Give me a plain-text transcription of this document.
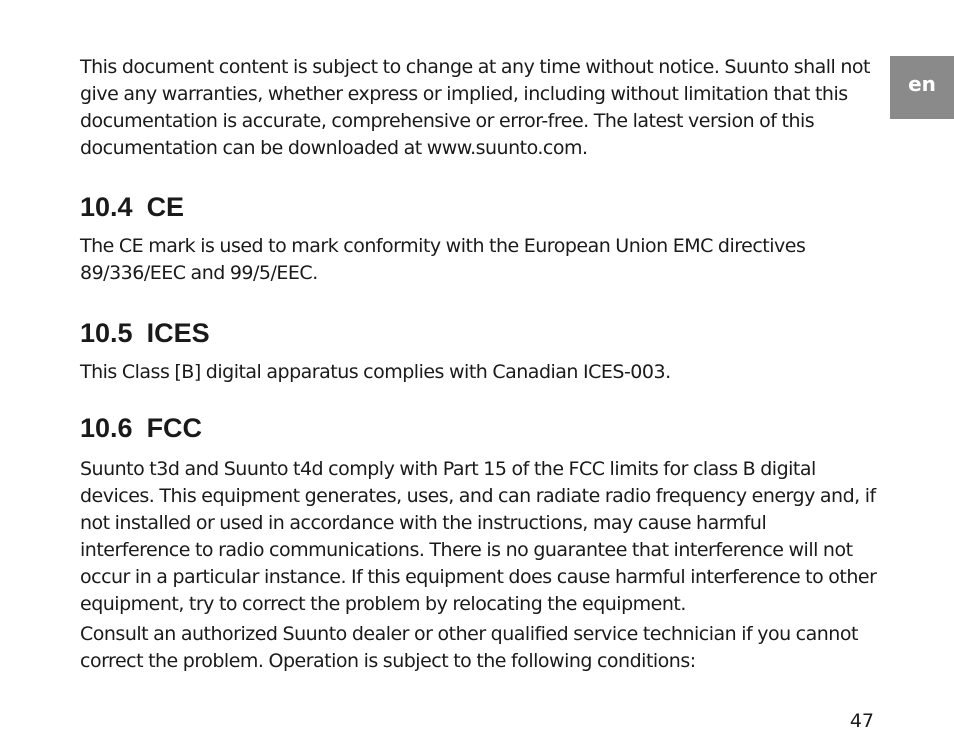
en

This document content is subject to change at any time without notice. Suunto shall not give any warranties, whether express or implied, including without limitation that this documentation is accurate, comprehensive or error-free. The latest version of this documentation can be downloaded at www.suunto.com.

10.4 CE

The CE mark is used to mark conformity with the European Union EMC directives 89/336/EEC and 99/5/EEC.

10.5 ICES

This Class [B] digital apparatus complies with Canadian ICES-003.

10.6 FCC

Suunto t3d and Suunto t4d comply with Part 15 of the FCC limits for class B digital devices. This equipment generates, uses, and can radiate radio frequency energy and, if not installed or used in accordance with the instructions, may cause harmful interference to radio communications. There is no guarantee that interference will not occur in a particular instance. If this equipment does cause harmful interference to other equipment, try to correct the problem by relocating the equipment.

Consult an authorized Suunto dealer or other qualified service technician if you cannot correct the problem. Operation is subject to the following conditions:

47
